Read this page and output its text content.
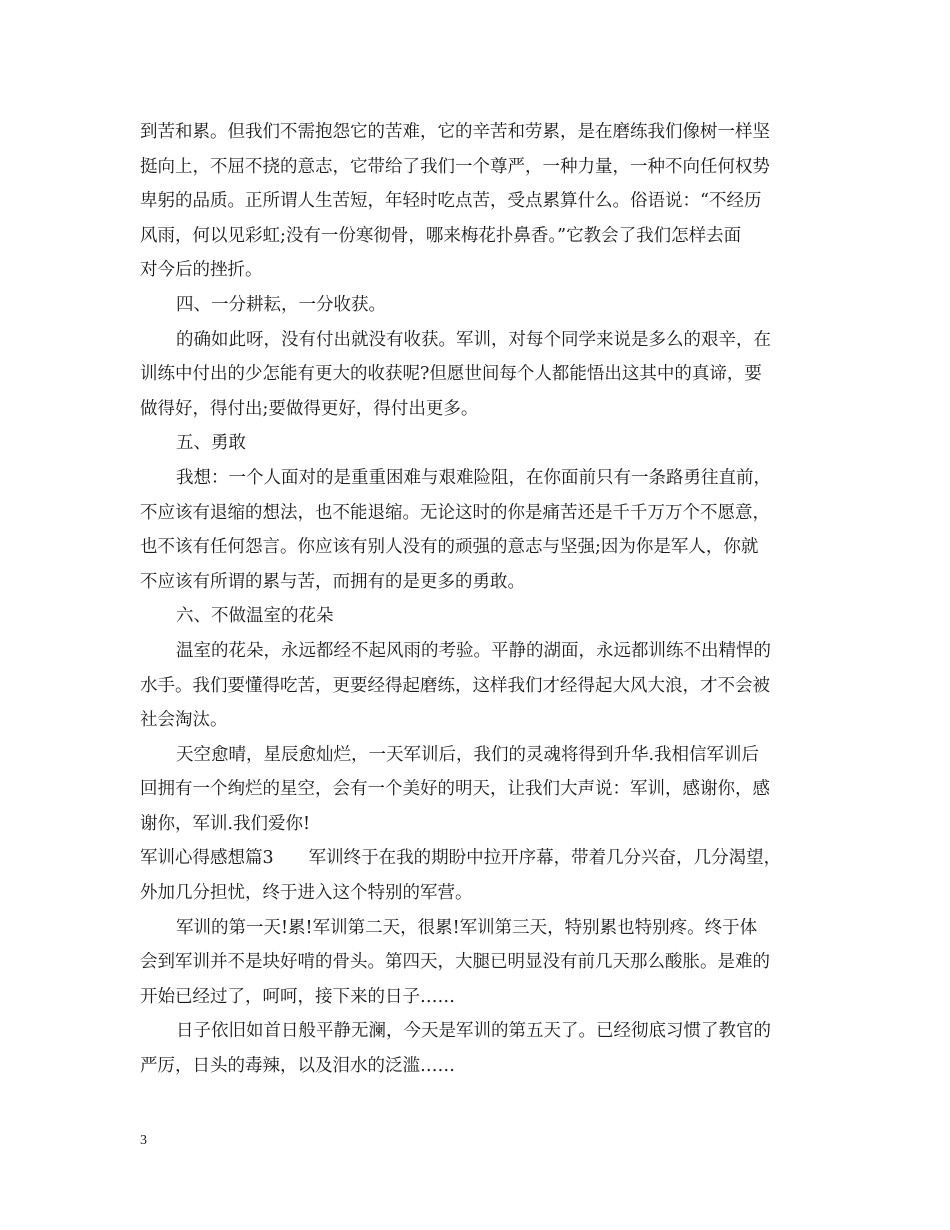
到苦和累。但我们不需抱怨它的苦难，它的辛苦和劳累，是在磨练我们像树一样坚
挺向上，不屈不挠的意志，它带给了我们一个尊严，一种力量，一种不向任何权势
卑躬的品质。正所谓人生苦短，年轻时吃点苦，受点累算什么。俗语说：“不经历
风雨，何以见彩虹;没有一份寒彻骨，哪来梅花扑鼻香。”它教会了我们怎样去面
对今后的挫折。
四、一分耕耘，一分收获。
的确如此呀，没有付出就没有收获。军训，对每个同学来说是多么的艰辛，在
训练中付出的少怎能有更大的收获呢?但愿世间每个人都能悟出这其中的真谛，要
做得好，得付出;要做得更好，得付出更多。
五、勇敢
我想：一个人面对的是重重困难与艰难险阻，在你面前只有一条路勇往直前，
不应该有退缩的想法，也不能退缩。无论这时的你是痛苦还是千千万万个不愿意，
也不该有任何怨言。你应该有别人没有的顽强的意志与坚强;因为你是军人，你就
不应该有所谓的累与苦，而拥有的是更多的勇敢。
六、不做温室的花朵
温室的花朵，永远都经不起风雨的考验。平静的湖面，永远都训练不出精悍的
水手。我们要懂得吃苦，更要经得起磨练，这样我们才经得起大风大浪，才不会被
社会淘汰。
天空愈晴，星辰愈灿烂，一天军训后，我们的灵魂将得到升华.我相信军训后
回拥有一个绚烂的星空，会有一个美好的明天，让我们大声说：军训，感谢你，感
谢你，军训.我们爱你!
军训心得感想篇3　　军训终于在我的期盼中拉开序幕，带着几分兴奋，几分渴望，
外加几分担忧，终于进入这个特别的军营。
军训的第一天!累!军训第二天，很累!军训第三天，特别累也特别疼。终于体
会到军训并不是块好啃的骨头。第四天，大腿已明显没有前几天那么酸胀。是难的
开始已经过了，呵呵，接下来的日子……
日子依旧如首日般平静无澜，今天是军训的第五天了。已经彻底习惯了教官的
严厉，日头的毒辣，以及泪水的泛滥……
3
